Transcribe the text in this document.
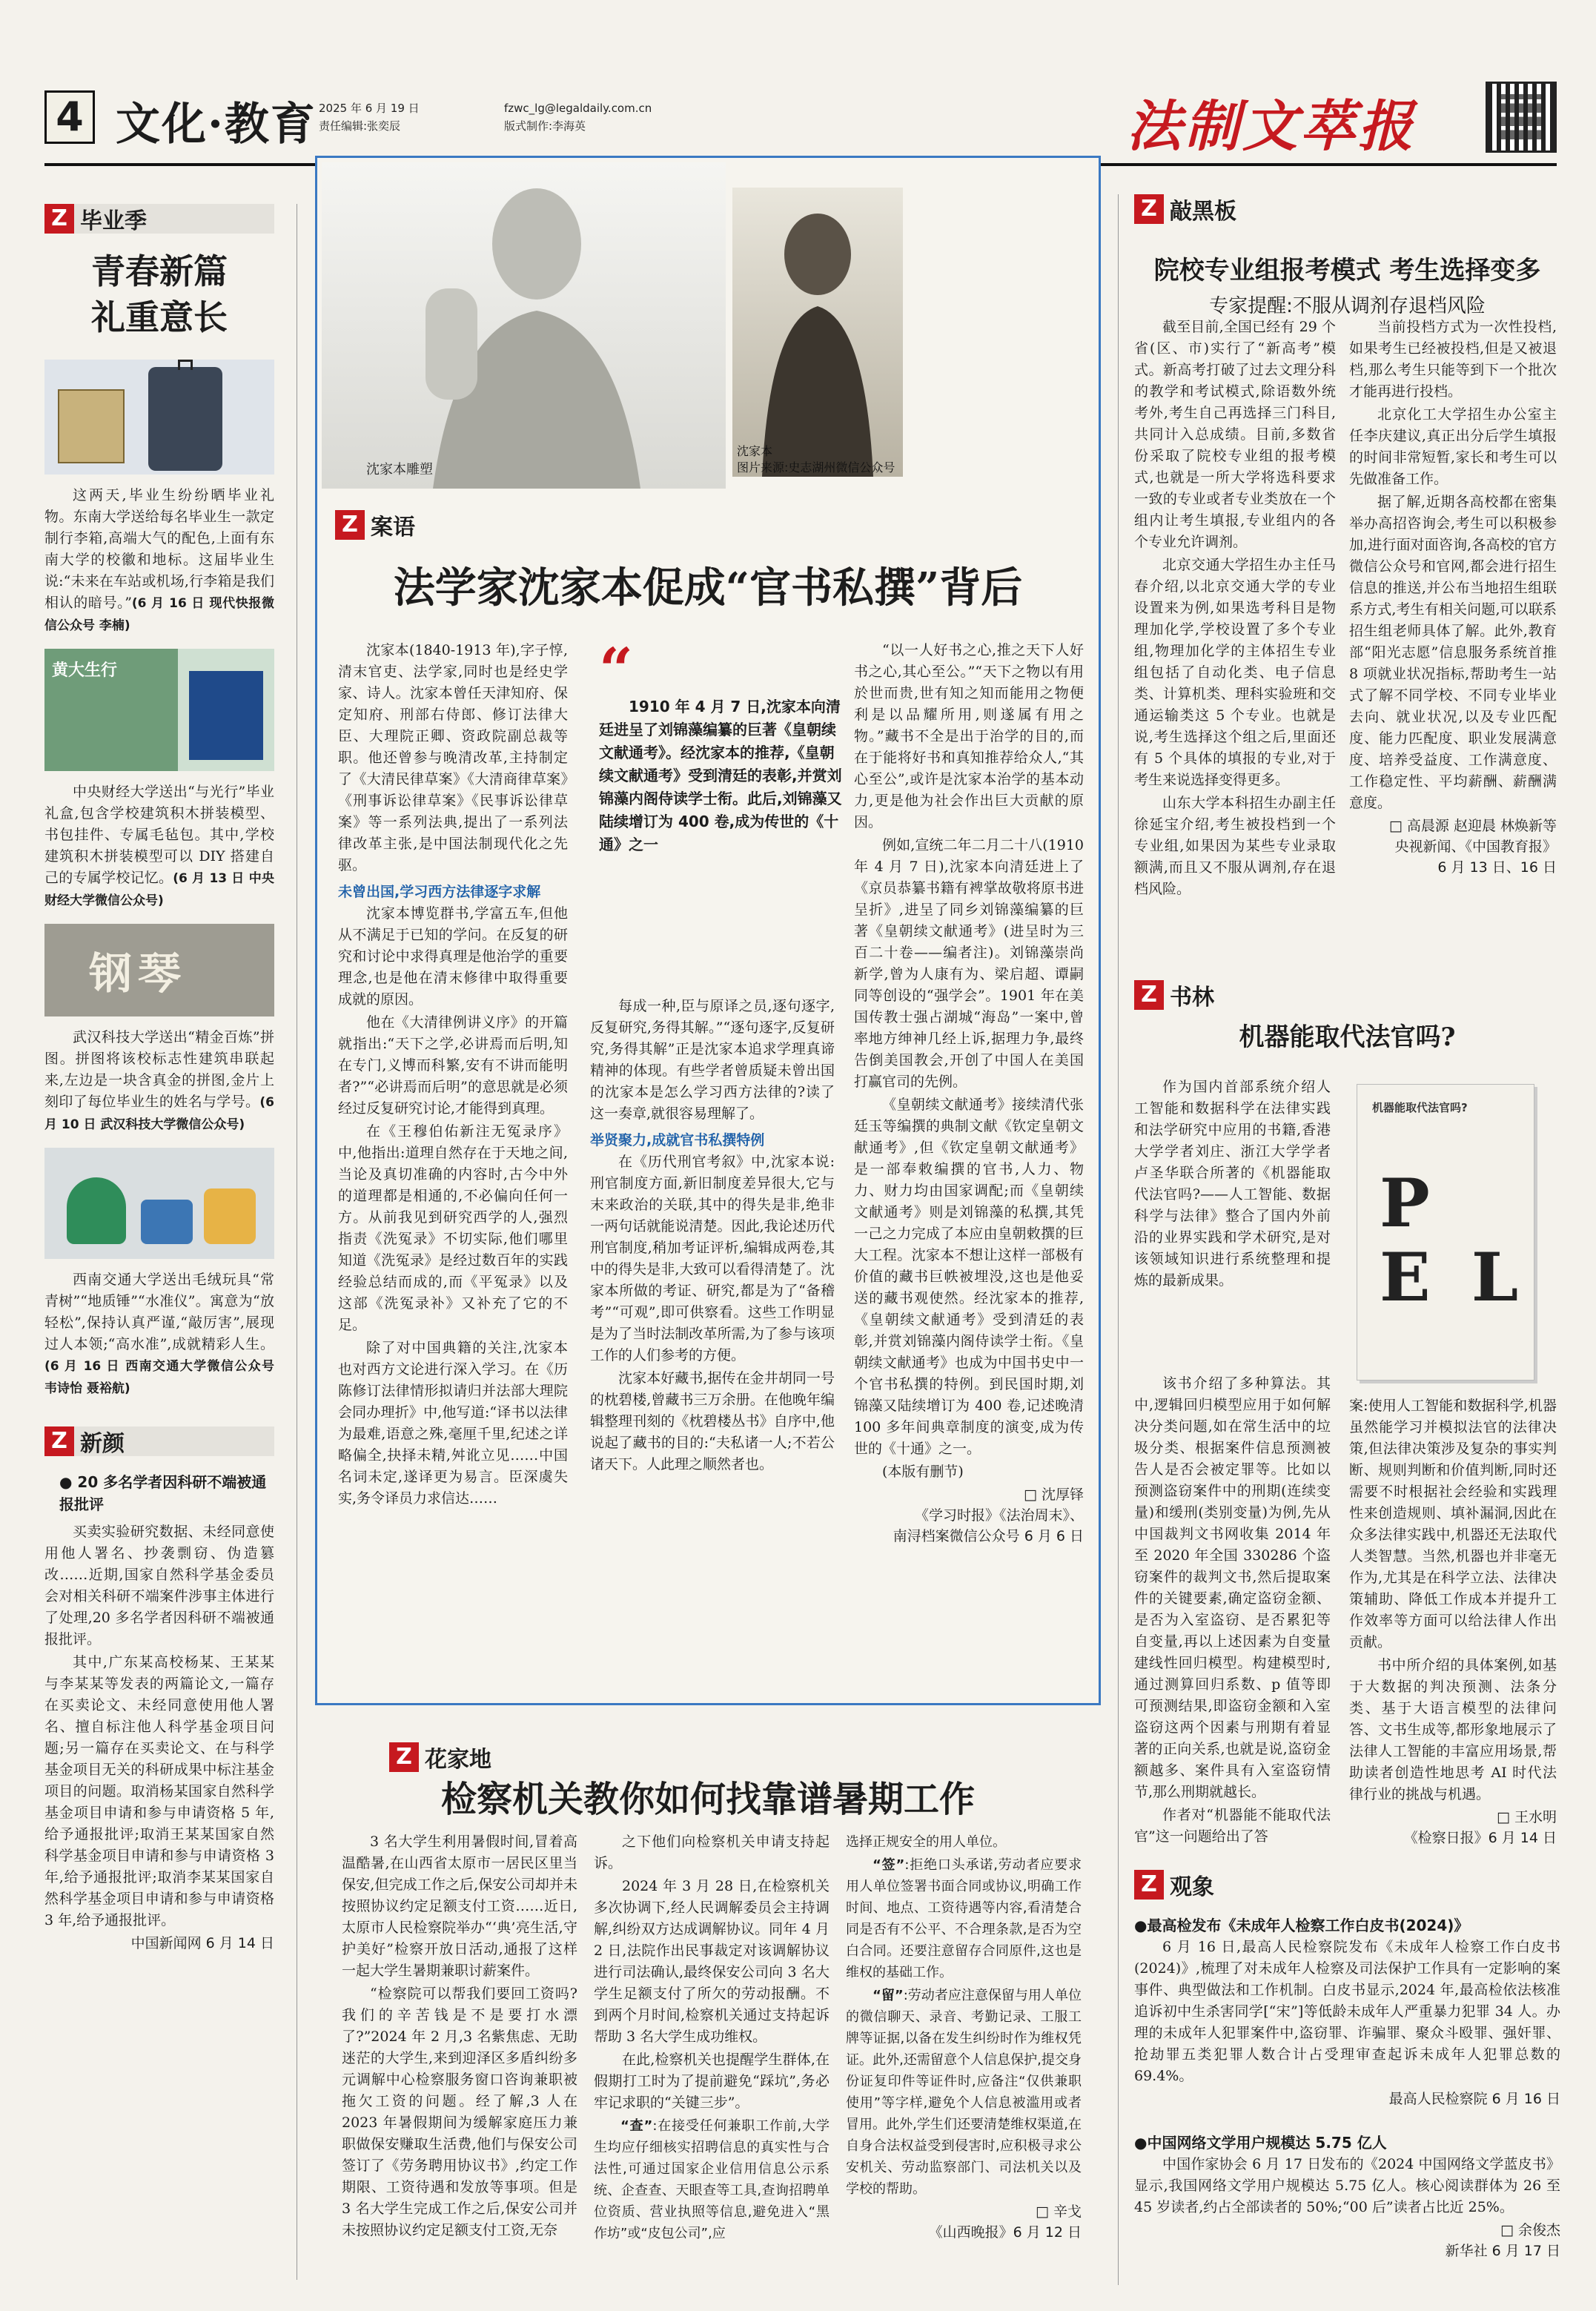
4 文化·教育 2025 年 6 月 19 日
责任编辑:张奕辰
fzwc_lg@legaldaily.com.cn
版式制作:李海英	法制文萃报
Z 毕业季
青春新篇
礼重意长
这两天,毕业生纷纷晒毕业礼物。东南大学送给每名毕业生一款定制行李箱,高端大气的配色,上面有东南大学的校徽和地标。这届毕业生说:“未来在车站或机场,行李箱是我们相认的暗号。”(6 月 16 日 现代快报微信公众号 李楠)
黄大生行
中央财经大学送出“与光行”毕业礼盒,包含学校建筑积木拼装模型、书包挂件、专属毛毡包。其中,学校建筑积木拼装模型可以 DIY 搭建自己的专属学校记忆。(6 月 13 日 中央财经大学微信公众号)
钢琴
武汉科技大学送出“精金百炼”拼图。拼图将该校标志性建筑串联起来,左边是一块含真金的拼图,金片上刻印了每位毕业生的姓名与学号。(6 月 10 日 武汉科技大学微信公众号)
西南交通大学送出毛绒玩具“常青树”“地质锤”“水准仪”。寓意为“放轻松”,保持认真严谨,“敲厉害”,展现过人本领;“高水准”,成就精彩人生。(6 月 16 日 西南交通大学微信公众号 韦诗怡 聂裕航)
Z 新颜
● 20 多名学者因科研不端被通报批评

买卖实验研究数据、未经同意使用他人署名、抄袭剽窃、伪造篡改……近期,国家自然科学基金委员会对相关科研不端案件涉事主体进行了处理,20 多名学者因科研不端被通报批评。

其中,广东某高校杨某、王某某与李某某等发表的两篇论文,一篇存在买卖论文、未经同意使用他人署名、擅自标注他人科学基金项目问题;另一篇存在买卖论文、在与科学基金项目无关的科研成果中标注基金项目的问题。取消杨某国家自然科学基金项目申请和参与申请资格 5 年,给予通报批评;取消王某某国家自然科学基金项目申请和参与申请资格 3 年,给予通报批评;取消李某某国家自然科学基金项目申请和参与申请资格 3 年,给予通报批评。

中国新闻网 6 月 14 日
沈家本雕塑
沈家本
图片来源:史志湖州微信公众号
Z 案语
法学家沈家本促成“官书私撰”背后

沈家本(1840-1913 年),字子惇,清末官吏、法学家,同时也是经史学家、诗人。沈家本曾任天津知府、保定知府、刑部右侍郎、修订法律大臣、大理院正卿、资政院副总裁等职。他还曾参与晚清改革,主持制定了《大清民律草案》《大清商律草案》《刑事诉讼律草案》《民事诉讼律草案》等一系列法典,提出了一系列法律改革主张,是中国法制现代化之先驱。

未曾出国,学习西方法律逐字求解

沈家本博览群书,学富五车,但他从不满足于已知的学问。在反复的研究和讨论中求得真理是他治学的重要理念,也是他在清末修律中取得重要成就的原因。

他在《大清律例讲义序》的开篇就指出:“天下之学,必讲焉而后明,知在专门,义博而科繁,安有不讲而能明者?”“必讲焉而后明”的意思就是必须经过反复研究讨论,才能得到真理。

在《王穆伯佑新注无冤录序》中,他指出:道理自然存在于天地之间,当论及真切准确的内容时,古今中外的道理都是相通的,不必偏向任何一方。从前我见到研究西学的人,强烈指责《洗冤录》不切实际,他们哪里知道《洗冤录》是经过数百年的实践经验总结而成的,而《平冤录》以及这部《洗冤录补》又补充了它的不足。

除了对中国典籍的关注,沈家本也对西方文论进行深入学习。在《历陈修订法律情形拟请归并法部大理院会同办理折》中,他写道:“译书以法律为最难,语意之殊,毫厘千里,纪述之详略偏全,抉择未精,舛讹立见……中国名词未定,遂译更为易言。臣深虞失实,务令译员力求信达……

“
1910 年 4 月 7 日,沈家本向清廷进呈了刘锦藻编纂的巨著《皇朝续文献通考》。经沈家本的推荐,《皇朝续文献通考》受到清廷的表彰,并赏刘锦藻内阁侍读学士衔。此后,刘锦藻又陆续增订为 400 卷,成为传世的《十通》之一

每成一种,臣与原译之员,逐句逐字,反复研究,务得其解。”“逐句逐字,反复研究,务得其解”正是沈家本追求学理真谛精神的体现。有些学者曾质疑未曾出国的沈家本是怎么学习西方法律的?读了这一奏章,就很容易理解了。

举贤聚力,成就官书私撰特例

在《历代刑官考叙》中,沈家本说:刑官制度方面,新旧制度差异很大,它与末来政治的关联,其中的得失是非,绝非一两句话就能说清楚。因此,我论述历代刑官制度,稍加考证评析,编辑成两卷,其中的得失是非,大致可以看得清楚了。沈家本所做的考证、研究,都是为了“备稽考”“可观”,即可供察看。这些工作明显是为了当时法制改革所需,为了参与该项工作的人们参考的方便。

沈家本好藏书,据传在金井胡同一号的枕碧楼,曾藏书三万余册。在他晚年编辑整理刊刻的《枕碧楼丛书》自序中,他说起了藏书的目的:“夫私诸一人;不若公诸天下。人此理之顺然者也。

“以一人好书之心,推之天下人好书之心,其心至公。”“天下之物以有用於世而贵,世有知之知而能用之物便利是以品耀所用,则遂属有用之物。”藏书不全是出于治学的目的,而在于能将好书和真知推荐给众人,“其心至公”,或许是沈家本治学的基本动力,更是他为社会作出巨大贡献的原因。

例如,宣统二年二月二十八(1910 年 4 月 7 日),沈家本向清廷进上了《京员恭纂书籍有裨掌故敬将原书进呈折》,进呈了同乡刘锦藻编纂的巨著《皇朝续文献通考》(进呈时为三百二十卷——编者注)。刘锦藻崇尚新学,曾为人康有为、梁启超、谭嗣同等创设的“强学会”。1901 年在美国传教士强占湖城“海岛”一案中,曾率地方绅神几经上诉,据理力争,最终告倒美国教会,开创了中国人在美国打赢官司的先例。

《皇朝续文献通考》接续清代张廷玉等编撰的典制文献《钦定皇朝文献通考》,但《钦定皇朝文献通考》是一部奉敕编撰的官书,人力、物力、财力均由国家调配;而《皇朝续文献通考》则是刘锦藻的私撰,其凭一己之力完成了本应由皇朝敕撰的巨大工程。沈家本不想让这样一部极有价值的藏书巨帙被埋没,这也是他妥送的藏书观使然。经沈家本的推荐,《皇朝续文献通考》受到清廷的表彰,并赏刘锦藻内阁侍读学士衔。《皇朝续文献通考》也成为中国书史中一个官书私撰的特例。到民国时期,刘锦藻又陆续增订为 400 卷,记述晚清 100 多年间典章制度的演变,成为传世的《十通》之一。

(本版有删节)

□ 沈厚铎
《学习时报》《法治周末》、
南浔档案微信公众号 6 月 6 日
Z 花家地
检察机关教你如何找靠谱暑期工作

3 名大学生利用暑假时间,冒着高温酷暑,在山西省太原市一居民区里当保安,但完成工作之后,保安公司却并未按照协议约定足额支付工资……近日,太原市人民检察院举办“‘典’亮生活,守护美好”检察开放日活动,通报了这样一起大学生暑期兼职讨薪案件。

“检察院可以帮我们要回工资吗?我们的辛苦钱是不是要打水漂了?”2024 年 2 月,3 名紫焦虑、无助迷茫的大学生,来到迎泽区多盾纠纷多元调解中心检察服务窗口咨询兼职被拖欠工资的问题。经了解,3 人在 2023 年暑假期间为缓解家庭压力兼职做保安赚取生活费,他们与保安公司签订了《劳务聘用协议书》,约定工作期限、工资待遇和发放等事项。但是 3 名大学生完成工作之后,保安公司并未按照协议约定足额支付工资,无奈

之下他们向检察机关申请支持起诉。

2024 年 3 月 28 日,在检察机关多次协调下,经人民调解委员会主持调解,纠纷双方达成调解协议。同年 4 月 2 日,法院作出民事裁定对该调解协议进行司法确认,最终保安公司向 3 名大学生足额支付了所欠的劳动报酬。不到两个月时间,检察机关通过支持起诉帮助 3 名大学生成功维权。

在此,检察机关也提醒学生群体,在假期打工时为了提前避免“踩坑”,务必牢记求职的“关键三步”。

“查”:在接受任何兼职工作前,大学生均应仔细核实招聘信息的真实性与合法性,可通过国家企业信用信息公示系统、企查查、天眼查等工具,查询招聘单位资质、营业执照等信息,避免进入“黑作坊”或“皮包公司”,应

选择正规安全的用人单位。

“签”:拒绝口头承诺,劳动者应要求用人单位签署书面合同或协议,明确工作时间、地点、工资待遇等内容,看清楚合同是否有不公平、不合理条款,是否为空白合同。还要注意留存合同原件,这也是维权的基础工作。

“留”:劳动者应注意保留与用人单位的微信聊天、录音、考勤记录、工服工牌等证据,以备在发生纠纷时作为维权凭证。此外,还需留意个人信息保护,提交身份证复印件等证件时,应备注“仅供兼职使用”等字样,避免个人信息被滥用或者冒用。此外,学生们还要清楚维权渠道,在自身合法权益受到侵害时,应积极寻求公安机关、劳动监察部门、司法机关以及学校的帮助。

□ 辛戈
《山西晚报》6 月 12 日
Z 敲黑板
院校专业组报考模式 考生选择变多
专家提醒:不服从调剂存退档风险

截至目前,全国已经有 29 个省(区、市)实行了“新高考”模式。新高考打破了过去文理分科的教学和考试模式,除语数外统考外,考生自己再选择三门科目,共同计入总成绩。目前,多数省份采取了院校专业组的报考模式,也就是一所大学将选科要求一致的专业或者专业类放在一个组内让考生填报,专业组内的各个专业允许调剂。

北京交通大学招生办主任马春介绍,以北京交通大学的专业设置来为例,如果选考科目是物理加化学,学校设置了多个专业组,物理加化学的主体招生专业组包括了自动化类、电子信息类、计算机类、理科实验班和交通运输类这 5 个专业。也就是说,考生选择这个组之后,里面还有 5 个具体的填报的专业,对于考生来说选择变得更多。

山东大学本科招生办副主任徐延宝介绍,考生被投档到一个专业组,如果因为某些专业录取额满,而且又不服从调剂,存在退档风险。

当前投档方式为一次性投档,如果考生已经被投档,但是又被退档,那么考生只能等到下一个批次才能再进行投档。

北京化工大学招生办公室主任李庆建议,真正出分后学生填报的时间非常短暂,家长和考生可以先做准备工作。

据了解,近期各高校都在密集举办高招咨询会,考生可以积极参加,进行面对面咨询,各高校的官方微信公众号和官网,都会进行招生信息的推送,并公布当地招生组联系方式,考生有相关问题,可以联系招生组老师具体了解。此外,教育部“阳光志愿”信息服务系统首推 8 项就业状况指标,帮助考生一站式了解不同学校、不同专业毕业去向、就业状况,以及专业匹配度、能力匹配度、职业发展满意度、培养受益度、工作满意度、工作稳定性、平均薪酬、薪酬满意度。

□ 高晨源 赵迎晨 林焕新等
央视新闻、《中国教育报》
6 月 13 日、16 日
Z 书林
机器能取代法官吗?

作为国内首部系统介绍人工智能和数据科学在法律实践和法学研究中应用的书籍,香港大学学者刘庄、浙江大学学者卢圣华联合所著的《机器能取代法官吗?——人工智能、数据科学与法律》整合了国内外前沿的业界实践和学术研究,是对该领域知识进行系统整理和提炼的最新成果。

机器能取代法官吗?
P E L

该书介绍了多种算法。其中,逻辑回归模型应用于如何解决分类问题,如在常生活中的垃圾分类、根据案件信息预测被告人是否会被定罪等。比如以预测盗窃案件中的刑期(连续变量)和缓刑(类别变量)为例,先从中国裁判文书网收集 2014 年至 2020 年全国 330286 个盗窃案件的裁判文书,然后提取案件的关键要素,确定盗窃金额、是否为入室盗窃、是否累犯等自变量,再以上述因素为自变量建线性回归模型。构建模型时,通过测算回归系数、p 值等即可预测结果,即盗窃金额和入室盗窃这两个因素与刑期有着显著的正向关系,也就是说,盗窃金额越多、案件具有入室盗窃情节,那么刑期就越长。

作者对“机器能不能取代法官”这一问题给出了答

案:使用人工智能和数据科学,机器虽然能学习并模拟法官的法律决策,但法律决策涉及复杂的事实判断、规则判断和价值判断,同时还需要不时根据社会经验和实践理性来创造规则、填补漏洞,因此在众多法律实践中,机器还无法取代人类智慧。当然,机器也并非毫无作为,尤其是在科学立法、法律决策辅助、降低工作成本并提升工作效率等方面可以给法律人作出贡献。

书中所介绍的具体案例,如基于大数据的判决预测、法条分类、基于大语言模型的法律问答、文书生成等,都形象地展示了法律人工智能的丰富应用场景,帮助读者创造性地思考 AI 时代法律行业的挑战与机遇。

□ 王水明
《检察日报》6 月 14 日
Z 观象
●最高检发布《未成年人检察工作白皮书(2024)》

6 月 16 日,最高人民检察院发布《未成年人检察工作白皮书(2024)》,梳理了对未成年人检察及司法保护工作具有一定影响的案事件、典型做法和工作机制。白皮书显示,2024 年,最高检依法核准追诉初中生杀害同学[“宋”]等低龄未成年人严重暴力犯罪 34 人。办理的未成年人犯罪案件中,盗窃罪、诈骗罪、聚众斗殴罪、强奸罪、抢劫罪五类犯罪人数合计占受理审查起诉未成年人犯罪总数的 69.4%。

最高人民检察院 6 月 16 日
●中国网络文学用户规模达 5.75 亿人

中国作家协会 6 月 17 日发布的《2024 中国网络文学蓝皮书》显示,我国网络文学用户规模达 5.75 亿人。核心阅读群体为 26 至 45 岁读者,约占全部读者的 50%;“00 后”读者占比近 25%。

□ 余俊杰
新华社 6 月 17 日
